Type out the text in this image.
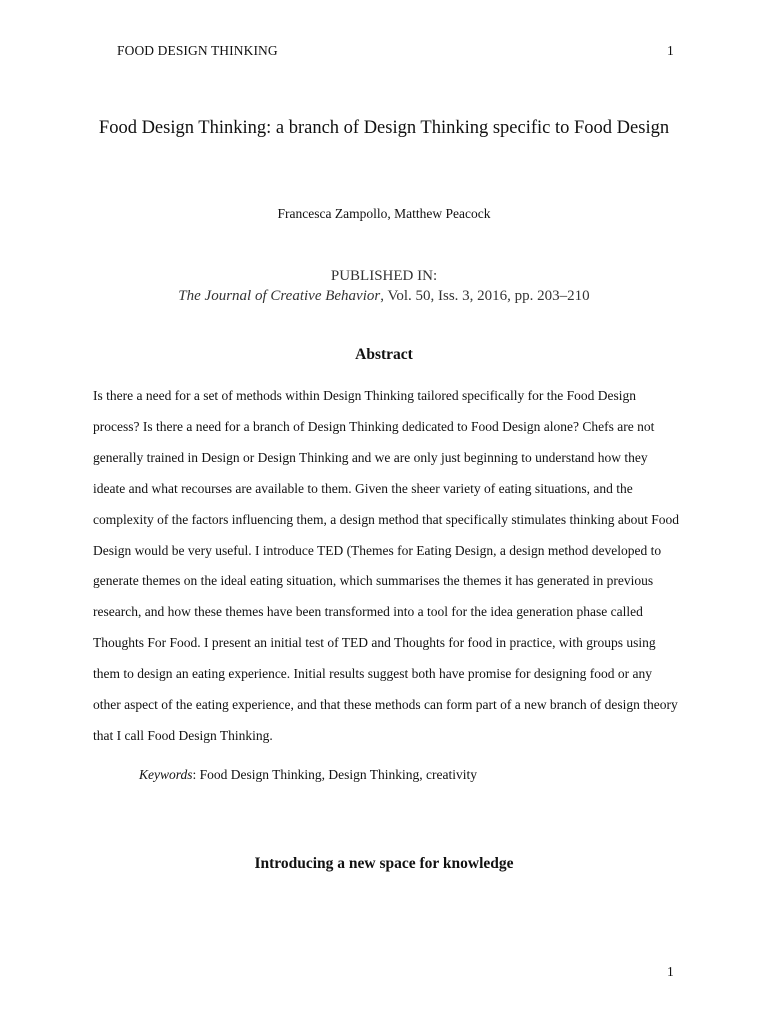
FOOD DESIGN THINKING	1
Food Design Thinking: a branch of Design Thinking specific to Food Design
Francesca Zampollo, Matthew Peacock
PUBLISHED IN:
The Journal of Creative Behavior, Vol. 50, Iss. 3, 2016, pp. 203–210
Abstract
Is there a need for a set of methods within Design Thinking tailored specifically for the Food Design process? Is there a need for a branch of Design Thinking dedicated to Food Design alone? Chefs are not generally trained in Design or Design Thinking and we are only just beginning to understand how they ideate and what recourses are available to them. Given the sheer variety of eating situations, and the complexity of the factors influencing them, a design method that specifically stimulates thinking about Food Design would be very useful. I introduce TED (Themes for Eating Design, a design method developed to generate themes on the ideal eating situation, which summarises the themes it has generated in previous research, and how these themes have been transformed into a tool for the idea generation phase called Thoughts For Food. I present an initial test of TED and Thoughts for food in practice, with groups using them to design an eating experience. Initial results suggest both have promise for designing food or any other aspect of the eating experience, and that these methods can form part of a new branch of design theory that I call Food Design Thinking.
Keywords: Food Design Thinking, Design Thinking, creativity
Introducing a new space for knowledge
1
